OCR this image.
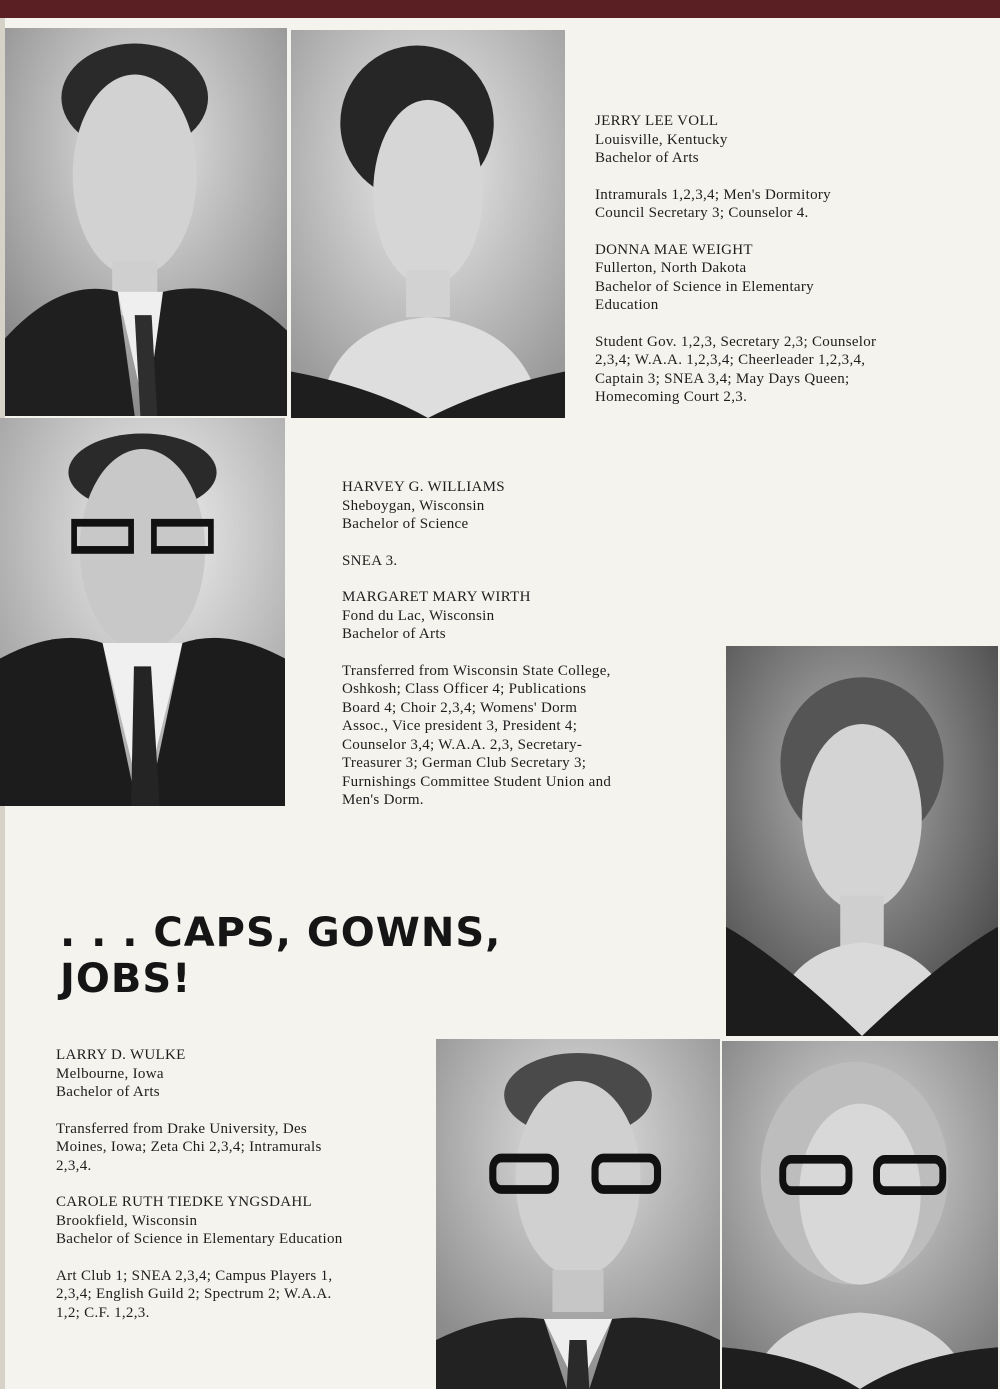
JERRY LEE VOLL

Louisville, Kentucky

Bachelor of Arts

Intramurals 1,2,3,4; Men's Dormitory

Council Secretary 3; Counselor 4.

DONNA MAE WEIGHT

Fullerton, North Dakota

Bachelor of Science in Elementary

Education

Student Gov. 1,2,3, Secretary 2,3; Counselor

2,3,4; W.A.A. 1,2,3,4; Cheerleader 1,2,3,4,

Captain 3; SNEA 3,4; May Days Queen;

Homecoming Court 2,3.

HARVEY G. WILLIAMS

Sheboygan, Wisconsin

Bachelor of Science

SNEA 3.

MARGARET MARY WIRTH

Fond du Lac, Wisconsin

Bachelor of Arts

Transferred from Wisconsin State College,

Oshkosh; Class Officer 4; Publications

Board 4; Choir 2,3,4; Womens' Dorm

Assoc., Vice president 3, President 4;

Counselor 3,4; W.A.A. 2,3, Secretary-

Treasurer 3; German Club Secretary 3;

Furnishings Committee Student Union and

Men's Dorm.

. . . CAPS, GOWNS, JOBS!

LARRY D. WULKE

Melbourne, Iowa

Bachelor of Arts

Transferred from Drake University, Des

Moines, Iowa; Zeta Chi 2,3,4; Intramurals

2,3,4.

CAROLE RUTH TIEDKE YNGSDAHL

Brookfield, Wisconsin

Bachelor of Science in Elementary Education

Art Club 1; SNEA 2,3,4; Campus Players 1,

2,3,4; English Guild 2; Spectrum 2; W.A.A.

1,2; C.F. 1,2,3.
